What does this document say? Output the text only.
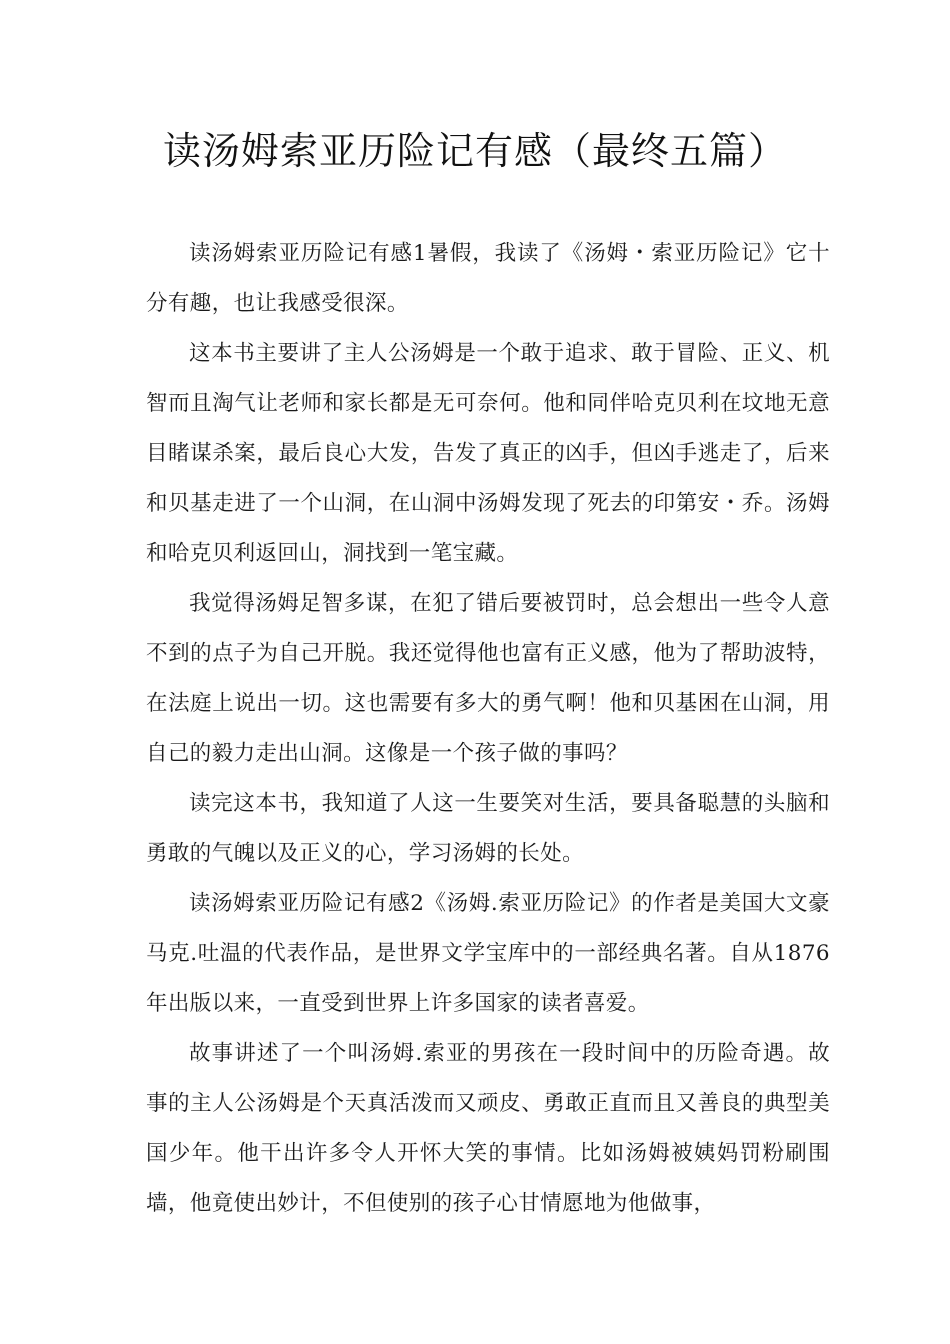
读汤姆索亚历险记有感（最终五篇）

读汤姆索亚历险记有感1暑假，我读了《汤姆・索亚历险记》它十分有趣，也让我感受很深。

这本书主要讲了主人公汤姆是一个敢于追求、敢于冒险、正义、机智而且淘气让老师和家长都是无可奈何。他和同伴哈克贝利在坟地无意目睹谋杀案，最后良心大发，告发了真正的凶手，但凶手逃走了，后来和贝基走进了一个山洞，在山洞中汤姆发现了死去的印第安・乔。汤姆和哈克贝利返回山，洞找到一笔宝藏。

我觉得汤姆足智多谋，在犯了错后要被罚时，总会想出一些令人意不到的点子为自己开脱。我还觉得他也富有正义感，他为了帮助波特，在法庭上说出一切。这也需要有多大的勇气啊！他和贝基困在山洞，用自己的毅力走出山洞。这像是一个孩子做的事吗？

读完这本书，我知道了人这一生要笑对生活，要具备聪慧的头脑和勇敢的气魄以及正义的心，学习汤姆的长处。

读汤姆索亚历险记有感2《汤姆.索亚历险记》的作者是美国大文豪马克.吐温的代表作品，是世界文学宝库中的一部经典名著。自从1876年出版以来，一直受到世界上许多国家的读者喜爱。

故事讲述了一个叫汤姆.索亚的男孩在一段时间中的历险奇遇。故事的主人公汤姆是个天真活泼而又顽皮、勇敢正直而且又善良的典型美国少年。他干出许多令人开怀大笑的事情。比如汤姆被姨妈罚粉刷围墙，他竟使出妙计，不但使别的孩子心甘情愿地为他做事，
